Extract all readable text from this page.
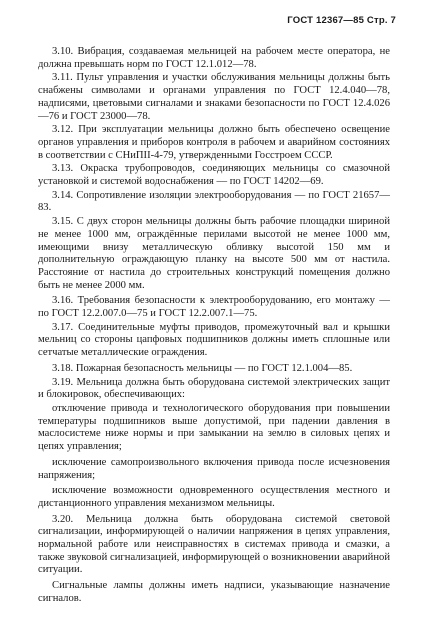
ГОСТ 12367—85 Стр. 7

3.10. Вибрация, создаваемая мельницей на рабочем месте оператора, не должна превышать норм по ГОСТ 12.1.012—78.

3.11. Пульт управления и участки обслуживания мельницы должны быть снабжены символами и органами управления по ГОСТ 12.4.040—78, надписями, цветовыми сигналами и знаками безопасности по ГОСТ 12.4.026—76 и ГОСТ 23000—78.

3.12. При эксплуатации мельницы должно быть обеспечено освещение органов управления и приборов контроля в рабочем и аварийном состояниях в соответствии с СНиПII-4-79, утвержденными Госстроем СССР.

3.13. Окраска трубопроводов, соединяющих мельницы со смазочной установкой и системой водоснабжения — по ГОСТ 14202—69.

3.14. Сопротивление изоляции электрооборудования — по ГОСТ 21657—83.

3.15. С двух сторон мельницы должны быть рабочие площадки шириной не менее 1000 мм, ограждённые перилами высотой не менее 1000 мм, имеющими внизу металлическую обливку высотой 150 мм и дополнительную ограждающую планку на высоте 500 мм от настила. Расстояние от настила до строительных конструкций помещения должно быть не менее 2000 мм.

3.16. Требования безопасности к электрооборудованию, его монтажу — по ГОСТ 12.2.007.0—75 и ГОСТ 12.2.007.1—75.

3.17. Соединительные муфты приводов, промежуточный вал и крышки мельниц со стороны цапфовых подшипников должны иметь сплошные или сетчатые металлические ограждения.

3.18. Пожарная безопасность мельницы — по ГОСТ 12.1.004—85.

3.19. Мельница должна быть оборудована системой электрических защит и блокировок, обеспечивающих:

отключение привода и технологического оборудования при повышении температуры подшипников выше допустимой, при падении давления в маслосистеме ниже нормы и при замыкании на землю в силовых цепях и цепях управления;

исключение самопроизвольного включения привода после исчезновения напряжения;

исключение возможности одновременного осуществления местного и дистанционного управления механизмом мельницы.

3.20. Мельница должна быть оборудована системой световой сигнализации, информирующей о наличии напряжения в цепях управления, нормальной работе или неисправностях в системах привода и смазки, а также звуковой сигнализацией, информирующей о возникновении аварийной ситуации.

Сигнальные лампы должны иметь надписи, указывающие назначение сигналов.
